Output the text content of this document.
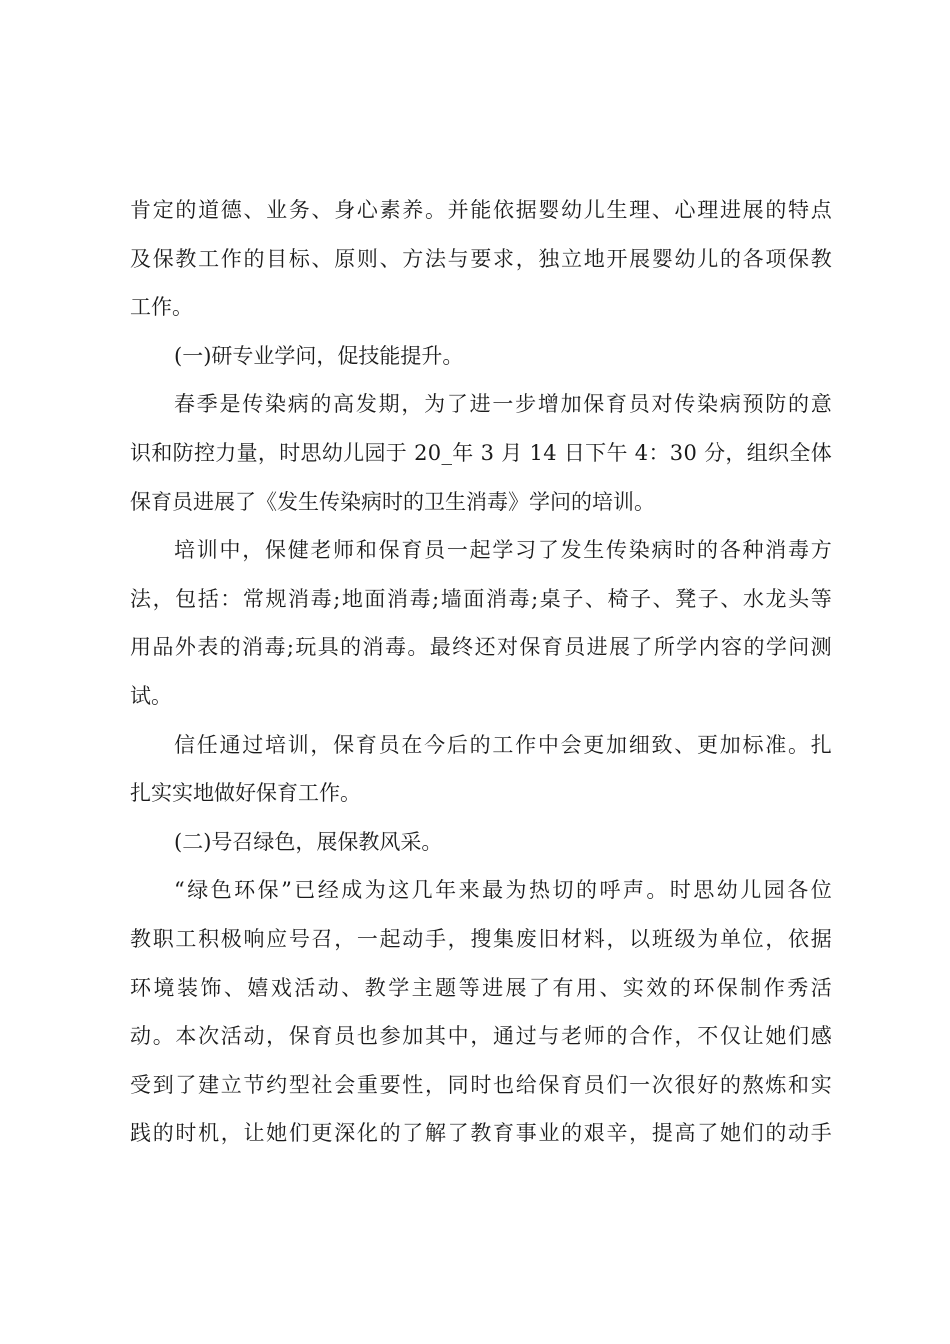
肯定的道德、业务、身心素养。并能依据婴幼儿生理、心理进展的特点
及保教工作的目标、原则、方法与要求，独立地开展婴幼儿的各项保教
工作。
(一)研专业学问，促技能提升。
春季是传染病的高发期，为了进一步增加保育员对传染病预防的意
识和防控力量，时思幼儿园于 20_年 3 月 14 日下午 4：30 分，组织全体
保育员进展了《发生传染病时的卫生消毒》学问的培训。
培训中，保健老师和保育员一起学习了发生传染病时的各种消毒方
法，包括：常规消毒;地面消毒;墙面消毒;桌子、椅子、凳子、水龙头等
用品外表的消毒;玩具的消毒。最终还对保育员进展了所学内容的学问测
试。
信任通过培训，保育员在今后的工作中会更加细致、更加标准。扎
扎实实地做好保育工作。
(二)号召绿色，展保教风采。
“绿色环保”已经成为这几年来最为热切的呼声。时思幼儿园各位
教职工积极响应号召，一起动手，搜集废旧材料，以班级为单位，依据
环境装饰、嬉戏活动、教学主题等进展了有用、实效的环保制作秀活
动。本次活动，保育员也参加其中，通过与老师的合作，不仅让她们感
受到了建立节约型社会重要性，同时也给保育员们一次很好的熬炼和实
践的时机，让她们更深化的了解了教育事业的艰辛，提高了她们的动手
